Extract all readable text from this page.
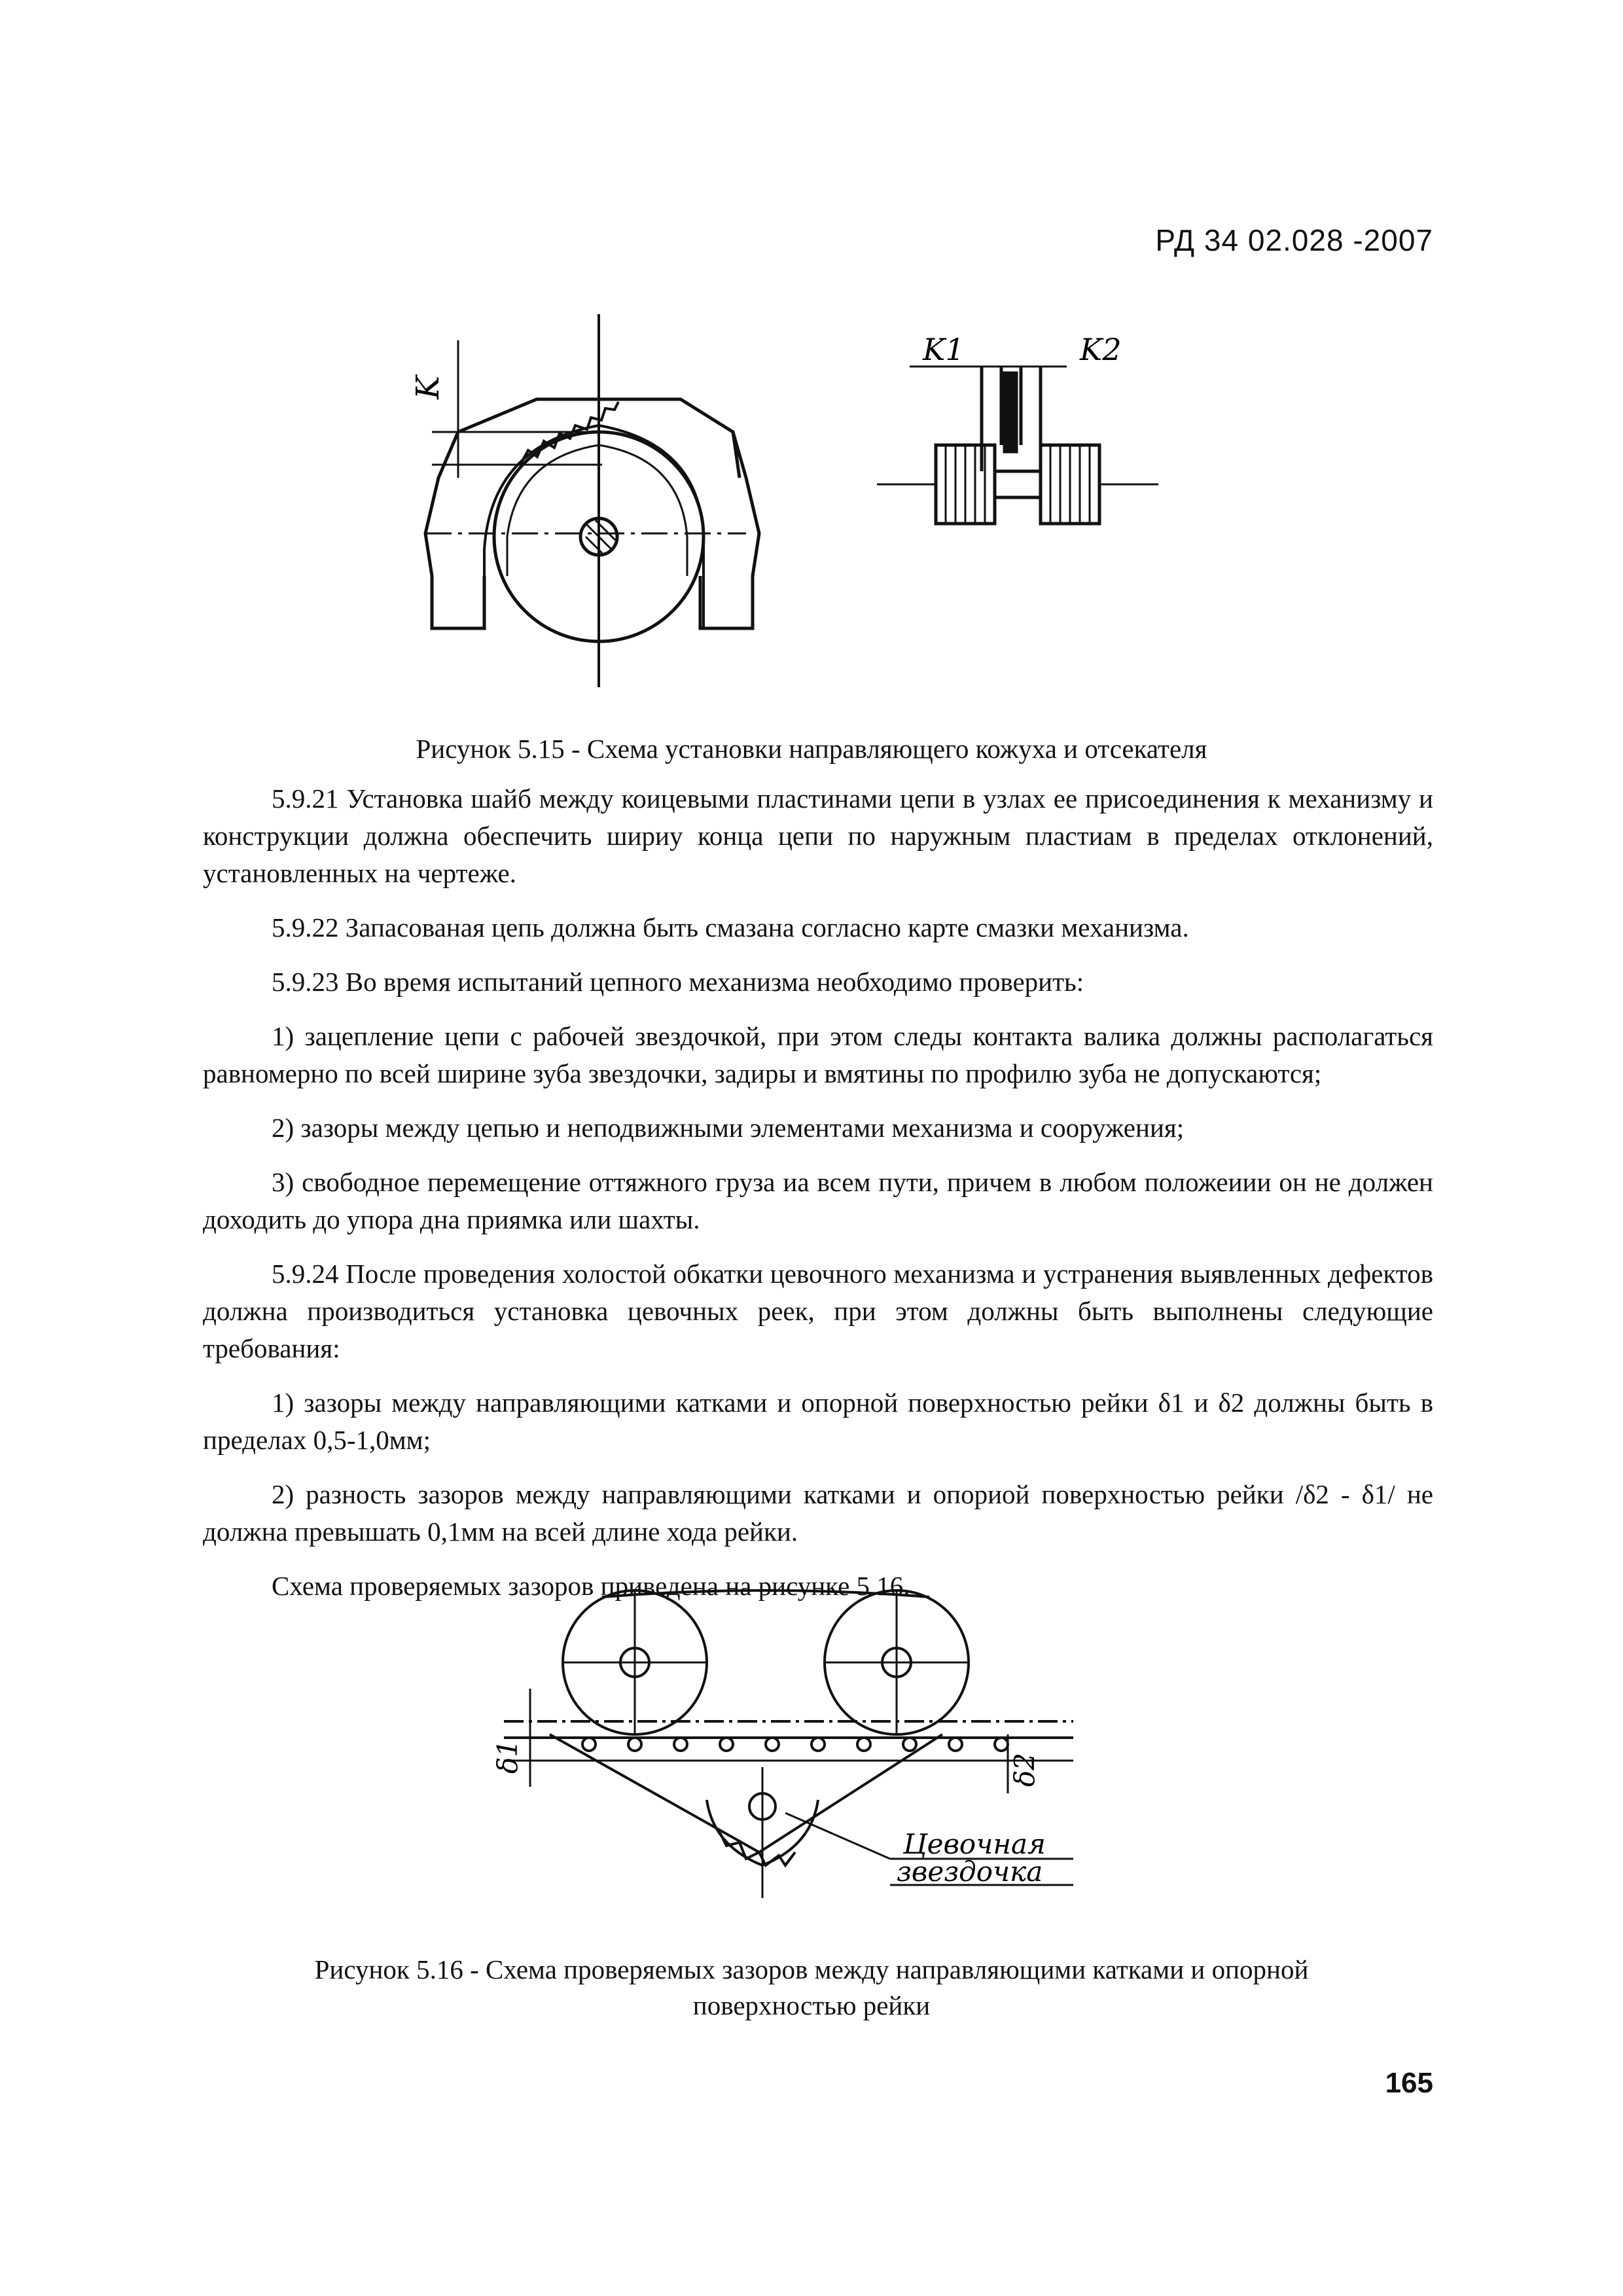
РД 34 02.028 -2007
K
K1	K2
Рисунок 5.15 - Схема установки направляющего кожуха и отсекателя

5.9.21 Установка шайб между коицевыми пластинами цепи в узлах ее присоединения к механизму и конструкции должна обеспечить шириу конца цепи по наружным пластиам в пределах отклонений, установленных на чертеже.

5.9.22 Запасованая цепь должна быть смазана согласно карте смазки механизма.

5.9.23 Во время испытаний цепного механизма необходимо проверить:

1) зацепление цепи с рабочей звездочкой, при этом следы контакта валика должны располагаться равномерно по всей ширине зуба звездочки, задиры и вмятины по профилю зуба не допускаются;

2) зазоры между цепью и неподвижными элементами механизма и сооружения;

3) свободное перемещение оттяжного груза иа всем пути, причем в любом положеиии он не должен доходить до упора дна приямка или шахты.

5.9.24 После проведения холостой обкатки цевочного механизма и устранения выявленных дефектов должна производиться установка цевочных реек, при этом должны быть выполнены следующие требования:

1) зазоры между направляющими катками и опорной поверхностью рейки δ1 и δ2 должны быть в пределах 0,5-1,0мм;

2) разность зазоров между направляющими катками и опориой поверхностью рейки /δ2 - δ1/ не должна превышать 0,1мм на всей длине хода рейки.

Схема проверяемых зазоров приведена на рисунке 5.16.

δ1	δ2
Цевочная
звездочка
Рисунок 5.16 - Схема проверяемых зазоров между направляющими катками и опорной
поверхностью рейки
165
